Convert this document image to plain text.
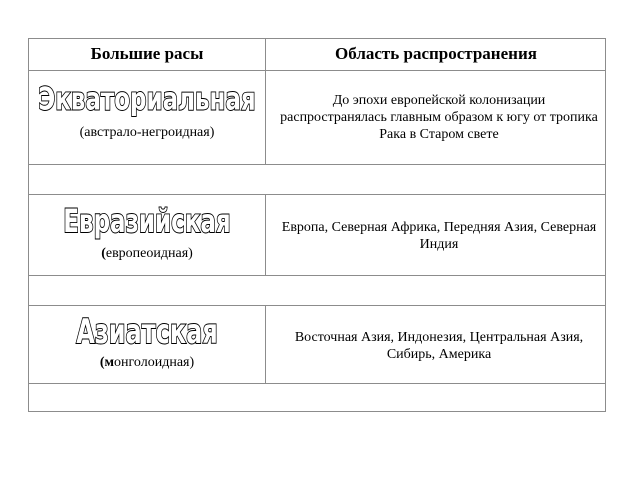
Большие расы	Область распространения
Экваториальная
(австрало-негроидная)
До эпохи европейской колонизации распространялась главным образом к югу от тропика Рака в Старом свете
Евразийская
(европеоидная)
Европа, Северная Африка, Передняя Азия, Северная Индия
Азиатская
(монголоидная)
Восточная Азия, Индонезия, Центральная Азия, Сибирь, Америка
